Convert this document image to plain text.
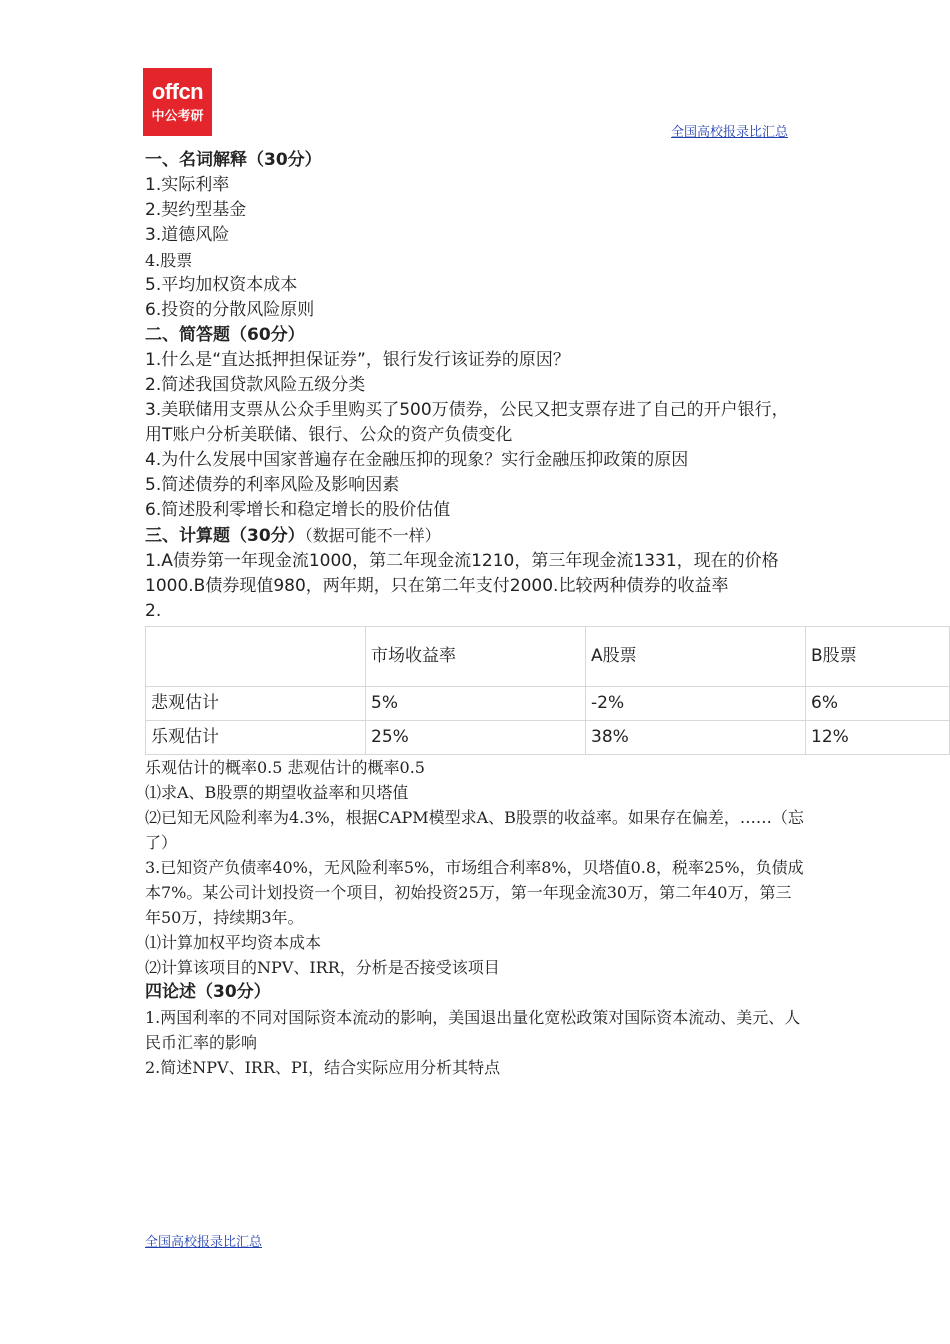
offcn
中公考研
全国高校报录比汇总

一、名词解释（30分）

1.实际利率

2.契约型基金

3.道德风险

4.股票

5.平均加权资本成本

6.投资的分散风险原则

二、简答题（60分）

1.什么是“直达抵押担保证券”，银行发行该证券的原因？

2.简述我国贷款风险五级分类

3.美联储用支票从公众手里购买了500万债券，公民又把支票存进了自己的开户银行，用T账户分析美联储、银行、公众的资产负债变化

4.为什么发展中国家普遍存在金融压抑的现象？实行金融压抑政策的原因

5.简述债券的利率风险及影响因素

6.简述股利零增长和稳定增长的股价估值

三、计算题（30分）（数据可能不一样）

1.A债券第一年现金流1000，第二年现金流1210，第三年现金流1331，现在的价格1000.B债券现值980，两年期，只在第二年支付2000.比较两种债券的收益率

2.

	市场收益率	A股票	B股票
悲观估计	5%	-2%	6%
乐观估计	25%	38%	12%

乐观估计的概率0.5 悲观估计的概率0.5

⑴求A、B股票的期望收益率和贝塔值

⑵已知无风险利率为4.3%，根据CAPM模型求A、B股票的收益率。如果存在偏差，……（忘了）

3.已知资产负债率40%，无风险利率5%，市场组合利率8%，贝塔值0.8，税率25%，负债成本7%。某公司计划投资一个项目，初始投资25万，第一年现金流30万，第二年40万，第三年50万，持续期3年。

⑴计算加权平均资本成本

⑵计算该项目的NPV、IRR，分析是否接受该项目

四论述（30分）

1.两国利率的不同对国际资本流动的影响，美国退出量化宽松政策对国际资本流动、美元、人民币汇率的影响

2.简述NPV、IRR、PI，结合实际应用分析其特点

全国高校报录比汇总
